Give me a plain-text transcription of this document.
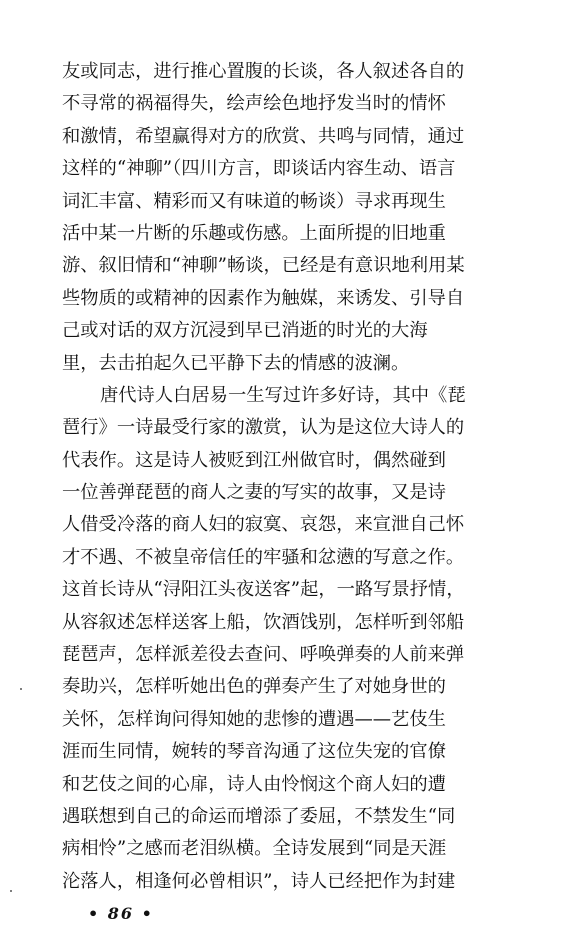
友或同志，进行推心置腹的长谈，各人叙述各自的
不寻常的祸福得失，绘声绘色地抒发当时的情怀
和激情，希望赢得对方的欣赏、共鸣与同情，通过
这样的“神聊”（四川方言，即谈话内容生动、语言
词汇丰富、精彩而又有味道的畅谈）寻求再现生
活中某一片断的乐趣或伤感。上面所提的旧地重
游、叙旧情和“神聊”畅谈，已经是有意识地利用某
些物质的或精神的因素作为触媒，来诱发、引导自
己或对话的双方沉浸到早已消逝的时光的大海
里，去击拍起久已平静下去的情感的波澜。
唐代诗人白居易一生写过许多好诗，其中《琵
琶行》一诗最受行家的激赏，认为是这位大诗人的
代表作。这是诗人被贬到江州做官时，偶然碰到
一位善弹琵琶的商人之妻的写实的故事，又是诗
人借受冷落的商人妇的寂寞、哀怨，来宣泄自己怀
才不遇、不被皇帝信任的牢骚和忿懑的写意之作。
这首长诗从“浔阳江头夜送客”起，一路写景抒情，
从容叙述怎样送客上船，饮酒饯别，怎样听到邻船
琵琶声，怎样派差役去查问、呼唤弹奏的人前来弹
奏助兴，怎样听她出色的弹奏产生了对她身世的
关怀，怎样询问得知她的悲惨的遭遇——艺伎生
涯而生同情，婉转的琴音沟通了这位失宠的官僚
和艺伎之间的心扉，诗人由怜悯这个商人妇的遭
遇联想到自己的命运而增添了委屈，不禁发生“同
病相怜”之感而老泪纵横。全诗发展到“同是天涯
沦落人，相逢何必曾相识”，诗人已经把作为封建
• 86 •
